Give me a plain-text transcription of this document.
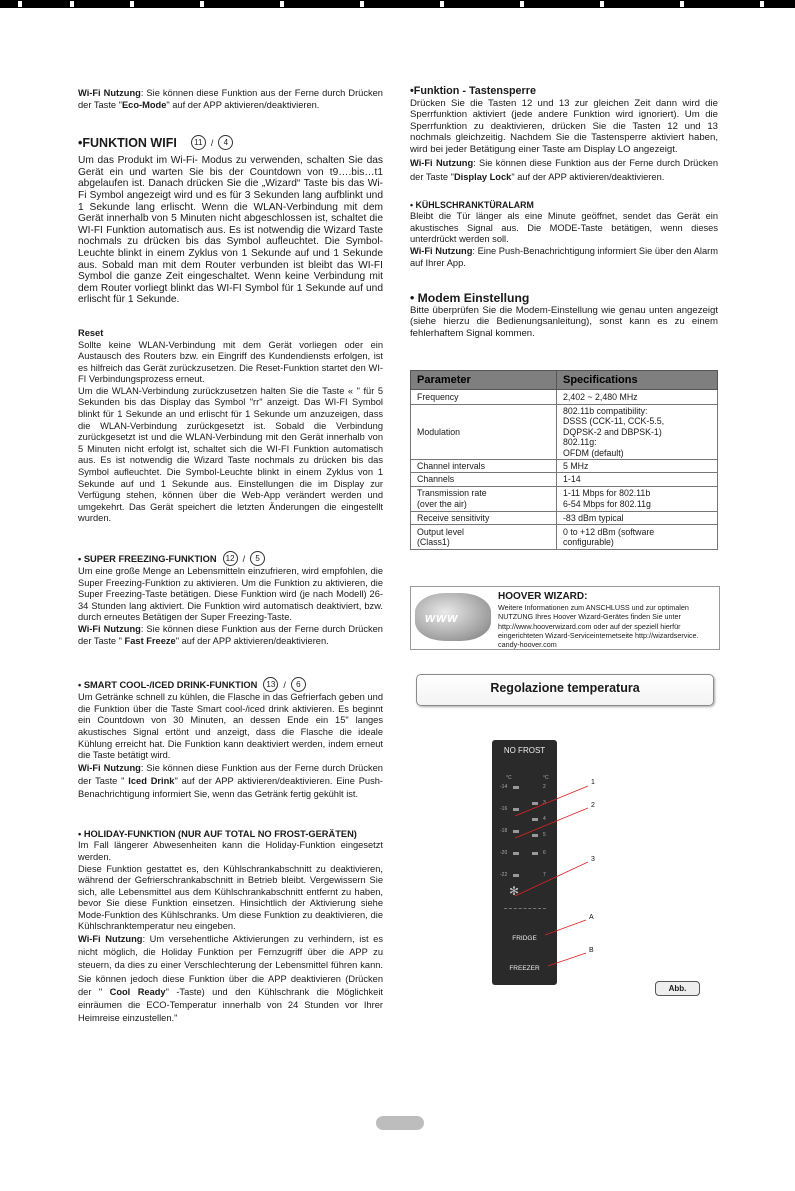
Wi-Fi Nutzung: Sie können diese Funktion aus der Ferne durch Drücken der Taste "Eco-Mode" auf der APP aktivieren/deaktivieren.

•FUNKTION WIFI	11 /	4

Um das Produkt im Wi-Fi- Modus zu verwenden, schalten Sie das Gerät ein und warten Sie bis der Countdown von t9….bis…t1 abgelaufen ist. Danach drücken Sie die „Wizard“ Taste bis das Wi-Fi Symbol angezeigt wird und es für 3 Sekunden lang aufblinkt und 1 Sekunde lang erlischt. Wenn die WLAN-Verbindung mit dem Gerät innerhalb von 5 Minuten nicht abgeschlossen ist, schaltet die WI-FI Funktion automatisch aus. Es ist notwendig die Wizard Taste nochmals zu drücken bis das Symbol aufleuchtet. Die Symbol-Leuchte blinkt in einem Zyklus von 1 Sekunde auf und 1 Sekunde aus. Sobald man mit dem Router verbunden ist bleibt das WI-FI Symbol die ganze Zeit eingeschaltet. Wenn keine Verbindung mit dem Router vorliegt blinkt das WI-FI Symbol für 1 Sekunde auf und erlischt für 1 Sekunde.

Reset

Sollte keine WLAN-Verbindung mit dem Gerät vorliegen oder ein Austausch des Routers bzw. ein Eingriff des Kundendiensts erfolgen, ist es hilfreich das Gerät zurückzusetzen. Die Reset-Funktion startet den WI-FI Verbindungsprozess erneut.

Um die WLAN-Verbindung zurückzusetzen halten Sie die Taste « " für 5 Sekunden bis das Display das Symbol "rr" anzeigt. Das WI-FI Symbol blinkt für 1 Sekunde an und erlischt für 1 Sekunde um anzuzeigen, dass die WLAN-Verbindung zurückgesetzt ist. Sobald die Verbindung zurückgesetzt ist und die WLAN-Verbindung mit den Gerät innerhalb von 5 Minuten nicht erfolgt ist, schaltet sich die WI-FI Funktion automatisch aus. Es ist notwendig die Wizard Taste nochmals zu drücken bis das Symbol aufleuchtet. Die Symbol-Leuchte blinkt in einem Zyklus von 1 Sekunde auf und 1 Sekunde aus. Einstellungen die im Display zur Verfügung stehen, können über die Web-App verändert werden und umgekehrt. Das Gerät speichert die letzten Änderungen die eingestellt wurden.

• SUPER FREEZING-FUNKTION	12 /	5

Um eine große Menge an Lebensmitteln einzufrieren, wird empfohlen, die Super Freezing-Funktion zu aktivieren. Um die Funktion zu aktivieren, die Super Freezing-Taste betätigen. Diese Funktion wird (je nach Modell) 26-34 Stunden lang aktiviert. Die Funktion wird automatisch deaktiviert, bzw. durch erneutes Betätigen der Super Freezing-Taste.

Wi-Fi Nutzung: Sie können diese Funktion aus der Ferne durch Drücken der Taste " Fast Freeze" auf der APP aktivieren/deaktivieren.

• SMART COOL-/ICED DRINK-FUNKTION	13 /	6

Um Getränke schnell zu kühlen, die Flasche in das Gefrierfach geben und die Funktion über die Taste Smart cool-/iced drink aktivieren. Es beginnt ein Countdown von 30 Minuten, an dessen Ende ein 15" langes akustisches Signal ertönt und anzeigt, dass die Flasche die ideale Kühlung erreicht hat. Die Funktion kann deaktiviert werden, indem erneut die Taste betätigt wird.

Wi-Fi Nutzung: Sie können diese Funktion aus der Ferne durch Drücken der Taste " Iced Drink" auf der APP aktivieren/deaktivieren. Eine Push-Benachrichtigung informiert Sie, wenn das Getränk fertig gekühlt ist.

• HOLIDAY-FUNKTION (NUR AUF TOTAL NO FROST-GERÄTEN)

Im Fall längerer Abwesenheiten kann die Holiday-Funktion eingesetzt werden.

Diese Funktion gestattet es, den Kühlschrankabschnitt zu deaktivieren, während der Gefrierschrankabschnitt in Betrieb bleibt. Vergewissern Sie sich, alle Lebensmittel aus dem Kühlschrankabschnitt entfernt zu haben, bevor Sie diese Funktion einsetzen. Hinsichtlich der Aktivierung siehe Mode-Funktion des Kühlschranks. Um diese Funktion zu deaktivieren, die Kühlschranktemperatur neu eingeben.

Wi-Fi Nutzung: Um versehentliche Aktivierungen zu verhindern, ist es nicht möglich, die Holiday Funktion per Fernzugriff über die APP zu steuern, da dies zu einer Verschlechterung der Lebensmittel führen kann. Sie können jedoch diese Funktion über die APP deaktivieren (Drücken der " Cool Ready" -Taste) und den Kühlschrank die Möglichkeit einräumen die ECO-Temperatur innerhalb von 24 Stunden vor Ihrer Heimreise einzustellen."

•Funktion - Tastensperre

Drücken Sie die Tasten 12 und 13 zur gleichen Zeit dann wird die Sperrfunktion aktiviert (jede andere Funktion wird ignoriert). Um die Sperrfunktion zu deaktivieren, drücken Sie die Tasten 12 und 13 nochmals gleichzeitig. Nachdem Sie die Tastensperre aktiviert haben, wird bei jeder Betätigung einer Taste am Display LO angezeigt.

Wi-Fi Nutzung: Sie können diese Funktion aus der Ferne durch Drücken der Taste "Display Lock" auf der APP aktivieren/deaktivieren.

• KÜHLSCHRANKTÜRALARM

Bleibt die Tür länger als eine Minute geöffnet, sendet das Gerät ein akustisches Signal aus. Die MODE-Taste betätigen, wenn dieses unterdrückt werden soll.

Wi-Fi Nutzung: Eine Push-Benachrichtigung informiert Sie über den Alarm auf Ihrer App.

• Modem Einstellung

Bitte überprüfen Sie die Modem-Einstellung wie genau unten angezeigt (siehe hierzu die Bedienungsanleitung), sonst kann es zu einem fehlerhaftem Signal kommen.

Parameter	Specifications
Frequency	2,402 ~ 2,480 MHz
Modulation	802.11b compatibility:
DSSS (CCK-11, CCK-5.5,
DQPSK-2 and DBPSK-1)
802.11g:
OFDM (default)
Channel intervals	5 MHz
Channels	1-14
Transmission rate
(over the air)	1-11 Mbps for 802.11b
6-54 Mbps for 802.11g
Receive sensitivity	-83 dBm typical
Output level
(Class1)	0 to +12 dBm (software
configurable)
www
HOOVER WIZARD:
Weitere Informationen zum ANSCHLUSS und zur optimalen NUTZUNG Ihres Hoover Wizard-Gerätes finden Sie unter http://www.hooverwizard.com oder auf der speziell hierfür eingerichteten Wizard-Serviceinternetseite http://wizardservice. candy-hoover.com
Regolazione temperatura
NO FROST
°C	°C
-14
-16
-18
-20
-22
2
3
4
5
6
7
✻
FRIDGE
FREEZER
1
2
3
A
B
Abb.
